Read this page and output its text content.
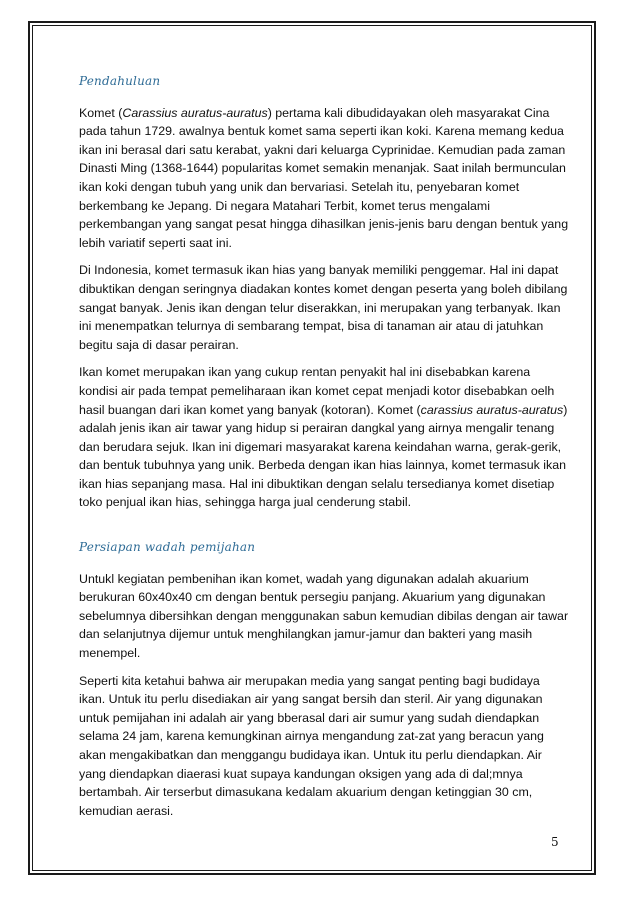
Pendahuluan

Komet (Carassius auratus-auratus) pertama kali dibudidayakan oleh masyarakat Cina pada tahun 1729. awalnya bentuk komet sama seperti ikan koki. Karena memang kedua ikan ini berasal dari satu kerabat, yakni dari keluarga Cyprinidae. Kemudian pada zaman Dinasti Ming (1368-1644) popularitas komet semakin menanjak. Saat inilah bermunculan ikan koki dengan tubuh yang unik dan bervariasi. Setelah itu, penyebaran komet berkembang ke Jepang. Di negara Matahari Terbit, komet terus mengalami perkembangan yang sangat pesat hingga dihasilkan jenis-jenis baru dengan bentuk yang lebih variatif seperti saat ini.

Di Indonesia, komet termasuk ikan hias yang banyak memiliki penggemar. Hal ini dapat dibuktikan dengan seringnya diadakan kontes komet dengan peserta yang boleh dibilang sangat banyak. Jenis ikan dengan telur diserakkan, ini merupakan yang terbanyak. Ikan ini menempatkan telurnya di sembarang tempat, bisa di tanaman air atau di jatuhkan begitu saja di dasar perairan.

Ikan komet merupakan ikan yang cukup rentan penyakit hal ini disebabkan karena kondisi air pada tempat pemeliharaan ikan komet cepat menjadi kotor disebabkan oelh hasil buangan dari ikan komet yang banyak (kotoran). Komet (carassius auratus-auratus) adalah jenis ikan air tawar yang hidup si perairan dangkal yang airnya mengalir tenang dan berudara sejuk. Ikan ini digemari masyarakat karena keindahan warna, gerak-gerik, dan bentuk tubuhnya yang unik. Berbeda dengan ikan hias lainnya, komet termasuk ikan ikan hias sepanjang masa. Hal ini dibuktikan dengan selalu tersedianya komet disetiap toko penjual ikan hias, sehingga harga jual cenderung stabil.

Persiapan wadah pemijahan

Untukl kegiatan pembenihan ikan komet, wadah yang digunakan adalah akuarium berukuran 60x40x40 cm dengan bentuk persegiu panjang. Akuarium yang digunakan sebelumnya dibersihkan dengan menggunakan sabun kemudian dibilas dengan air tawar dan selanjutnya dijemur untuk menghilangkan jamur-jamur dan bakteri yang masih menempel.

Seperti kita ketahui bahwa air merupakan media yang sangat penting bagi budidaya ikan. Untuk itu perlu disediakan air yang sangat bersih dan steril. Air yang digunakan untuk pemijahan ini adalah air yang bberasal dari air sumur yang sudah diendapkan selama 24 jam, karena kemungkinan airnya mengandung zat-zat yang beracun yang akan mengakibatkan dan menggangu budidaya ikan. Untuk itu perlu diendapkan. Air yang diendapkan diaerasi kuat supaya kandungan oksigen yang ada di dal;mnya bertambah. Air terserbut dimasukana kedalam akuarium dengan ketinggian 30 cm, kemudian aerasi.

5
